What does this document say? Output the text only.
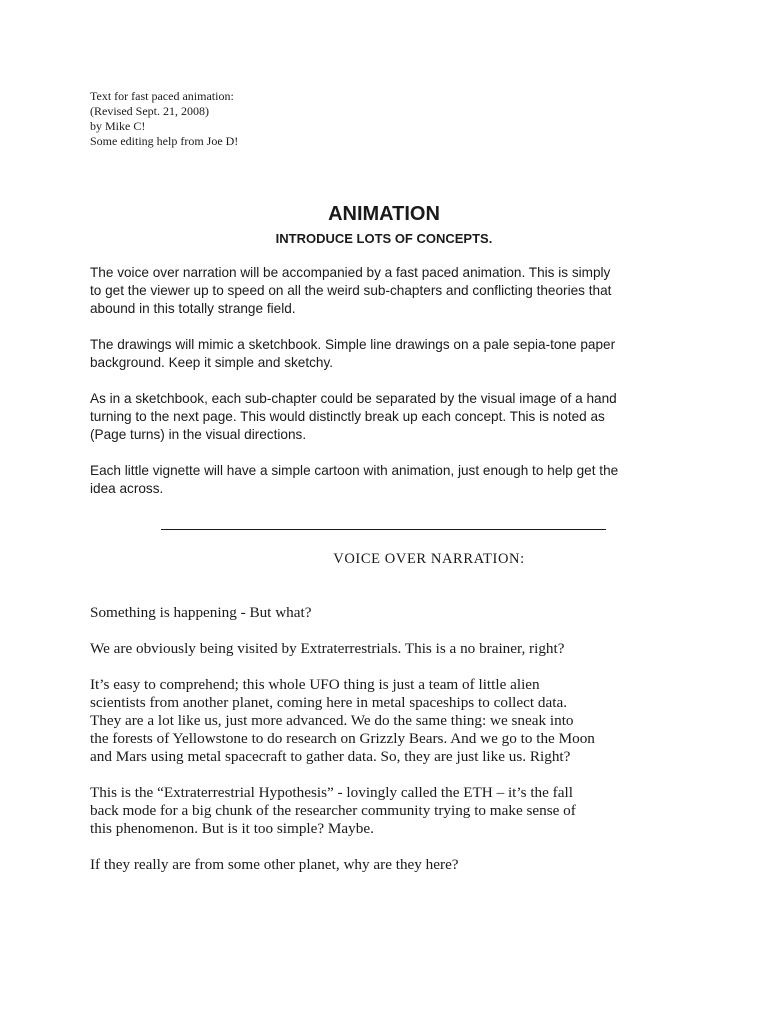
Text for fast paced animation:
(Revised Sept. 21, 2008)
by Mike C!
Some editing help from Joe D!
ANIMATION
INTRODUCE LOTS OF CONCEPTS.

The voice over narration will be accompanied by a fast paced animation. This is simply
to get the viewer up to speed on all the weird sub-chapters and conflicting theories that
abound in this totally strange field.

The drawings will mimic a sketchbook. Simple line drawings on a pale sepia-tone paper
background. Keep it simple and sketchy.

As in a sketchbook, each sub-chapter could be separated by the visual image of a hand
turning to the next page. This would distinctly break up each concept. This is noted as
(Page turns) in the visual directions.

Each little vignette will have a simple cartoon with animation, just enough to help get the
idea across.

VOICE OVER NARRATION:

Something is happening - But what?

We are obviously being visited by Extraterrestrials. This is a no brainer, right?

It’s easy to comprehend; this whole UFO thing is just a team of little alien
scientists from another planet, coming here in metal spaceships to collect data.
They are a lot like us, just more advanced. We do the same thing: we sneak into
the forests of Yellowstone to do research on Grizzly Bears. And we go to the Moon
and Mars using metal spacecraft to gather data. So, they are just like us. Right?

This is the “Extraterrestrial Hypothesis” - lovingly called the ETH – it’s the fall
back mode for a big chunk of the researcher community trying to make sense of
this phenomenon. But is it too simple? Maybe.

If they really are from some other planet, why are they here?
